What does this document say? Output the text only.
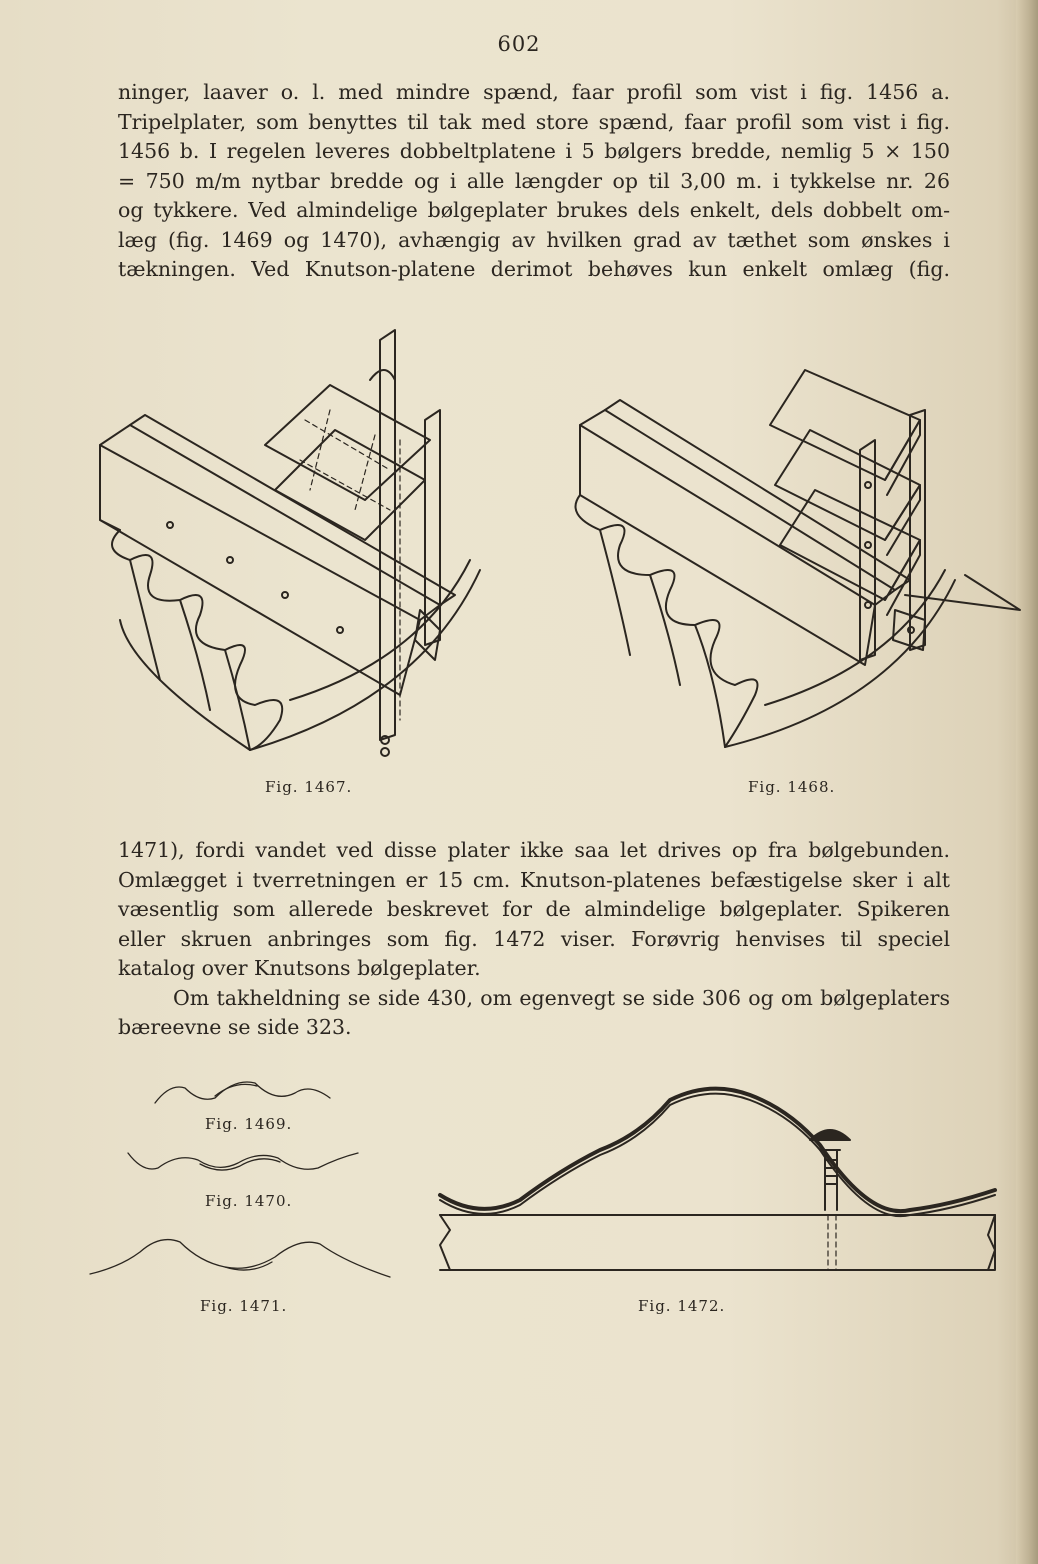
602
ninger, laaver o. l. med mindre spænd, faar profil som vist i fig. 1456 a.
Tripelplater, som benyttes til tak med store spænd, faar profil som vist i fig.
1456 b. I regelen leveres dobbeltplatene i 5 bølgers bredde, nemlig 5 × 150
= 750 m/m nytbar bredde og i alle længder op til 3,00 m. i tykkelse nr. 26
og tykkere. Ved almindelige bølgeplater brukes dels enkelt, dels dobbelt om-
læg (fig. 1469 og 1470), avhængig av hvilken grad av tæthet som ønskes i
tækningen. Ved Knutson-platene derimot behøves kun enkelt omlæg (fig.
Fig. 1467.	Fig. 1468.
1471), fordi vandet ved disse plater ikke saa let drives op fra bølgebunden.
Omlægget i tverretningen er 15 cm. Knutson-platenes befæstigelse sker i alt
væsentlig som allerede beskrevet for de almindelige bølgeplater. Spikeren
eller skruen anbringes som fig. 1472 viser. Forøvrig henvises til speciel
katalog over Knutsons bølgeplater.
Om takheldning se side 430, om egenvegt se side 306 og om bølgeplaters
bæreevne se side 323.
Fig. 1469.
Fig. 1470.
Fig. 1471.	Fig. 1472.
